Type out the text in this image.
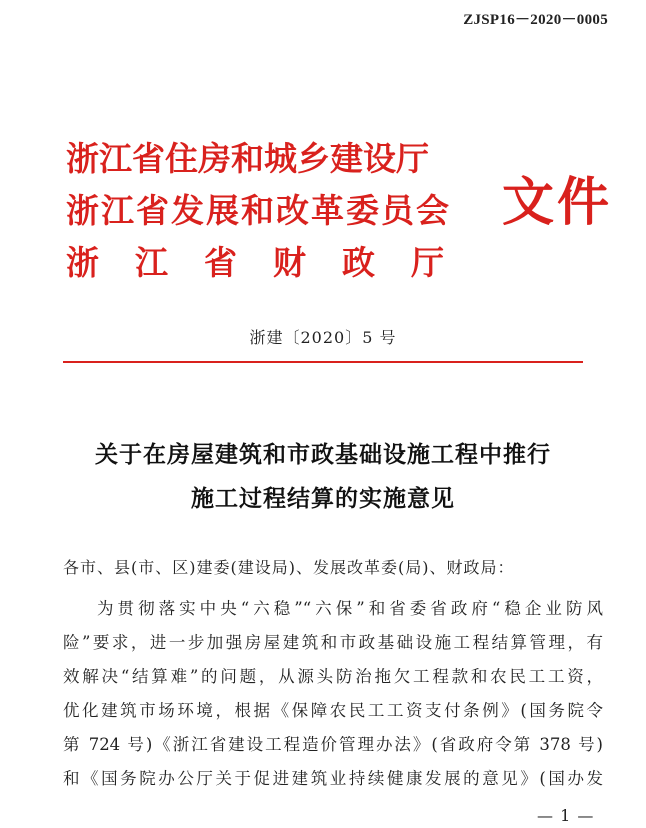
ZJSP16－2020－0005
浙江省住房和城乡建设厅
浙江省发展和改革委员会
浙江省财政厅
文件
浙建〔2020〕5 号
关于在房屋建筑和市政基础设施工程中推行
施工过程结算的实施意见
各市、县(市、区)建委(建设局)、发展改革委(局)、财政局：
为贯彻落实中央“六稳”“六保”和省委省政府“稳企业防风
险”要求，进一步加强房屋建筑和市政基础设施工程结算管理，有
效解决“结算难”的问题，从源头防治拖欠工程款和农民工工资，
优化建筑市场环境，根据《保障农民工工资支付条例》(国务院令
第 724 号)《浙江省建设工程造价管理办法》(省政府令第 378 号)
和《国务院办公厅关于促进建筑业持续健康发展的意见》(国办发
— 1 —
